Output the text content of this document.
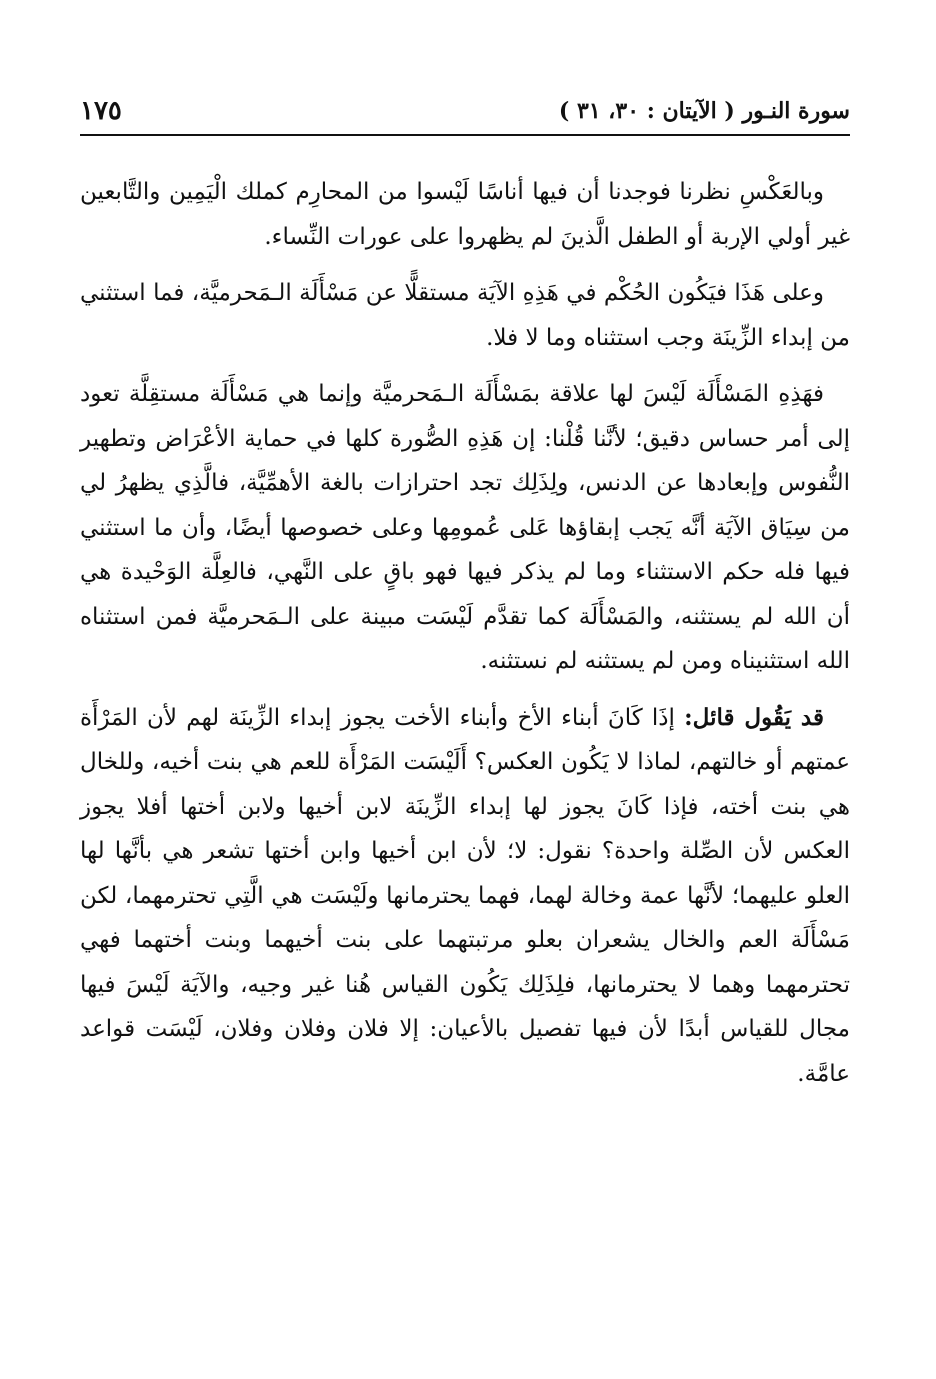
سورة النـور ( الآيتان : ٣٠، ٣١ )
١٧٥

وبالعَكْسِ نظرنا فوجدنا أن فيها أناسًا لَيْسوا من المحارِم كملك الْيَمِين والتَّابعين غير أولي الإربة أو الطفل الَّذينَ لم يظهروا على عورات النِّساء.

وعلى هَذَا فيَكُون الحُكْم في هَذِهِ الآيَة مستقلًّا عن مَسْأَلَة الـمَحرميَّة، فما استثني من إبداء الزِّينَة وجب استثناه وما لا فلا.

فهَذِهِ المَسْأَلَة لَيْسَ لها علاقة بمَسْأَلَة الـمَحرميَّة وإنما هي مَسْأَلَة مستقِلَّة تعود إلى أمر حساس دقيق؛ لأنَّنا قُلْنا: إن هَذِهِ الصُّورة كلها في حماية الأعْرَاض وتطهير النُّفوس وإبعادها عن الدنس، ولِذَلِك تجد احترازات بالغة الأهمِّيَّة، فالَّذِي يظهرُ لي من سِيَاق الآيَة أنَّه يَجب إبقاؤها عَلى عُمومِها وعلى خصوصها أيضًا، وأن ما استثني فيها فله حكم الاستثناء وما لم يذكر فيها فهو باقٍ على النَّهي، فالعِلَّة الوَحْيدة هي أن الله لم يستثنه، والمَسْأَلَة كما تقدَّم لَيْسَت مبينة على الـمَحرميَّة فمن استثناه الله استثنيناه ومن لم يستثنه لم نستثنه.

قد يَقُول قائل: إذَا كَانَ أبناء الأخ وأبناء الأخت يجوز إبداء الزِّينَة لهم لأن المَرْأَة عمتهم أو خالتهم، لماذا لا يَكُون العكس؟ أَلَيْسَت المَرْأَة للعم هي بنت أخيه، وللخال هي بنت أخته، فإذا كَانَ يجوز لها إبداء الزِّينَة لابن أخيها ولابن أختها أفلا يجوز العكس لأن الصِّلة واحدة؟ نقول: لا؛ لأن ابن أخيها وابن أختها تشعر هي بأنَّها لها العلو عليهما؛ لأنَّها عمة وخالة لهما، فهما يحترمانها ولَيْسَت هي الَّتِي تحترمهما، لكن مَسْأَلَة العم والخال يشعران بعلو مرتبتهما على بنت أخيهما وبنت أختهما فهي تحترمهما وهما لا يحترمانها، فلِذَلِك يَكُون القياس هُنا غير وجيه، والآيَة لَيْسَ فيها مجال للقياس أبدًا لأن فيها تفصيل بالأعيان: إلا فلان وفلان وفلان، لَيْسَت قواعد عامَّة.
